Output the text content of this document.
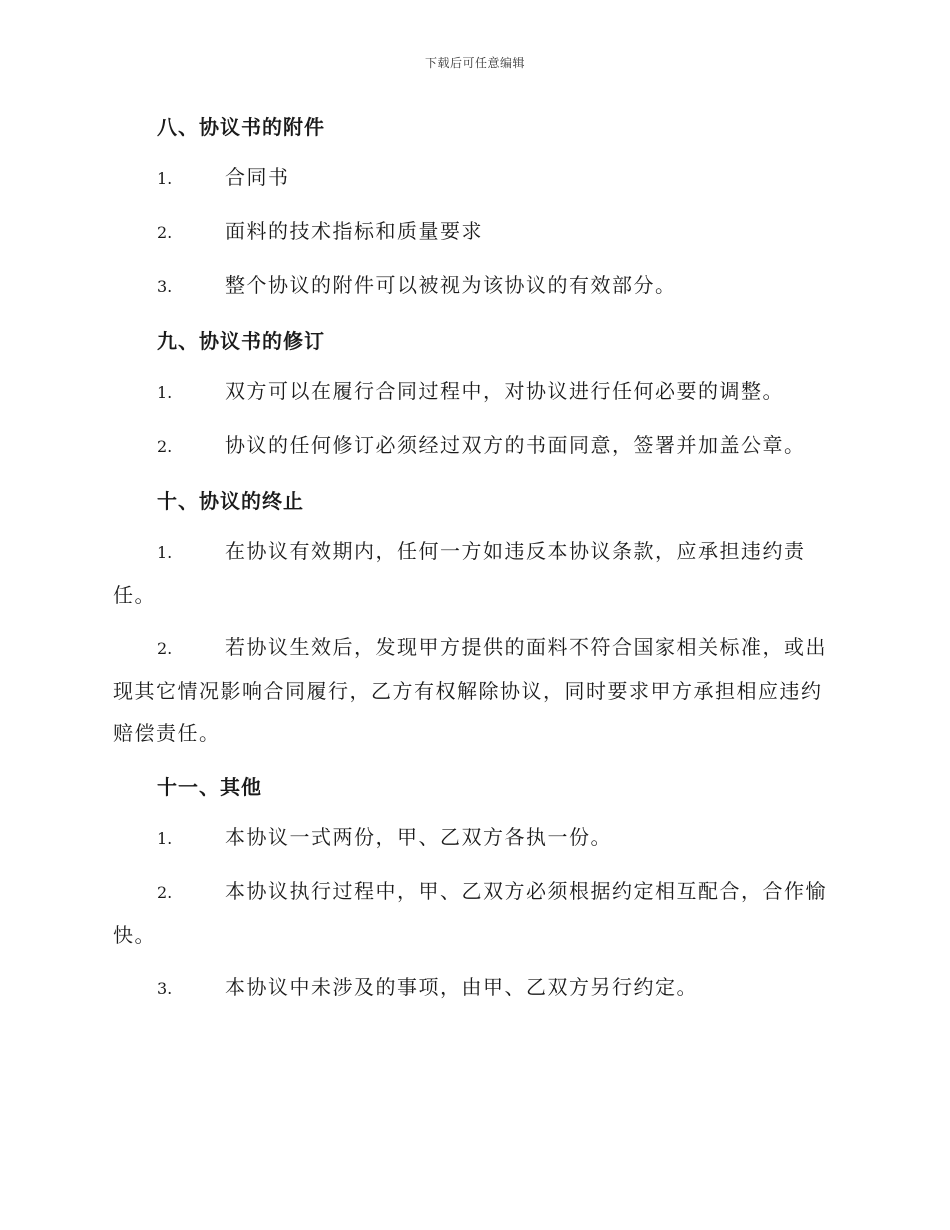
下载后可任意编辑
八、协议书的附件
1.	合同书
2.	面料的技术指标和质量要求
3.	整个协议的附件可以被视为该协议的有效部分。
九、协议书的修订
1.	双方可以在履行合同过程中，对协议进行任何必要的调整。
2.	协议的任何修订必须经过双方的书面同意，签署并加盖公章。
十、协议的终止
1.	在协议有效期内，任何一方如违反本协议条款，应承担违约责任。
2.	若协议生效后，发现甲方提供的面料不符合国家相关标准，或出现其它情况影响合同履行，乙方有权解除协议，同时要求甲方承担相应违约赔偿责任。
十一、其他
1.	本协议一式两份，甲、乙双方各执一份。
2.	本协议执行过程中，甲、乙双方必须根据约定相互配合，合作愉快。
3.	本协议中未涉及的事项，由甲、乙双方另行约定。
